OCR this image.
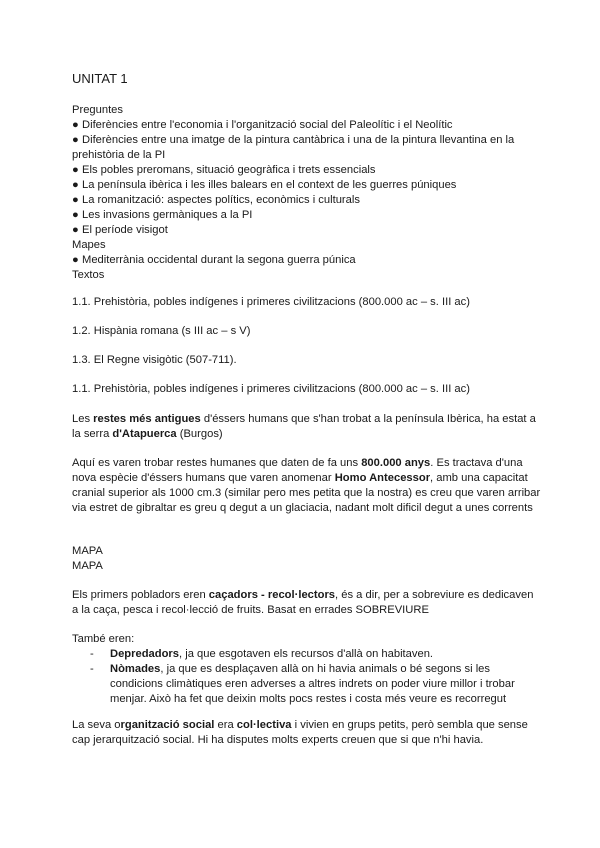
UNITAT 1
Preguntes
● Diferències entre l'economia i l'organització social del Paleolític i el Neolític
● Diferències entre una imatge de la pintura cantàbrica i una de la pintura llevantina en la prehistòria de la PI
● Els pobles preromans, situació geogràfica i trets essencials
● La península ibèrica i les illes balears en el context de les guerres púniques
● La romanització: aspectes polítics, econòmics i culturals
● Les invasions germàniques a la PI
● El període visigot
Mapes
● Mediterrània occidental durant la segona guerra púnica
Textos
1.1. Prehistòria, pobles indígenes i primeres civilitzacions (800.000 ac – s. III ac)
1.2. Hispània romana (s III ac – s V)
1.3. El Regne visigòtic (507-711).
1.1. Prehistòria, pobles indígenes i primeres civilitzacions (800.000 ac – s. III ac)
Les restes més antigues d'éssers humans que s'han trobat a la península Ibèrica, ha estat a la serra d'Atapuerca (Burgos)
Aquí es varen trobar restes humanes que daten de fa uns 800.000 anys. Es tractava d'una nova espècie d'éssers humans que varen anomenar Homo Antecessor, amb una capacitat cranial superior als 1000 cm.3 (similar pero mes petita que la nostra) es creu que varen arribar via estret de gibraltar es greu q degut a un glaciacia, nadant molt dificil degut a unes corrents
MAPA
MAPA
Els primers pobladors eren caçadors - recol·lectors, és a dir, per a sobreviure es dedicaven a la caça, pesca i recol·lecció de fruits. Basat en errades SOBREVIURE
També eren:
- Depredadors, ja que esgotaven els recursos d'allà on habitaven.
- Nòmades, ja que es desplaçaven allà on hi havia animals o bé segons si les condicions climàtiques eren adverses a altres indrets on poder viure millor i trobar menjar. Això ha fet que deixin molts pocs restes i costa més veure es recorregut
La seva organització social era col·lectiva i vivien en grups petits, però sembla que sense cap jerarquització social. Hi ha disputes molts experts creuen que si que n'hi havia.
